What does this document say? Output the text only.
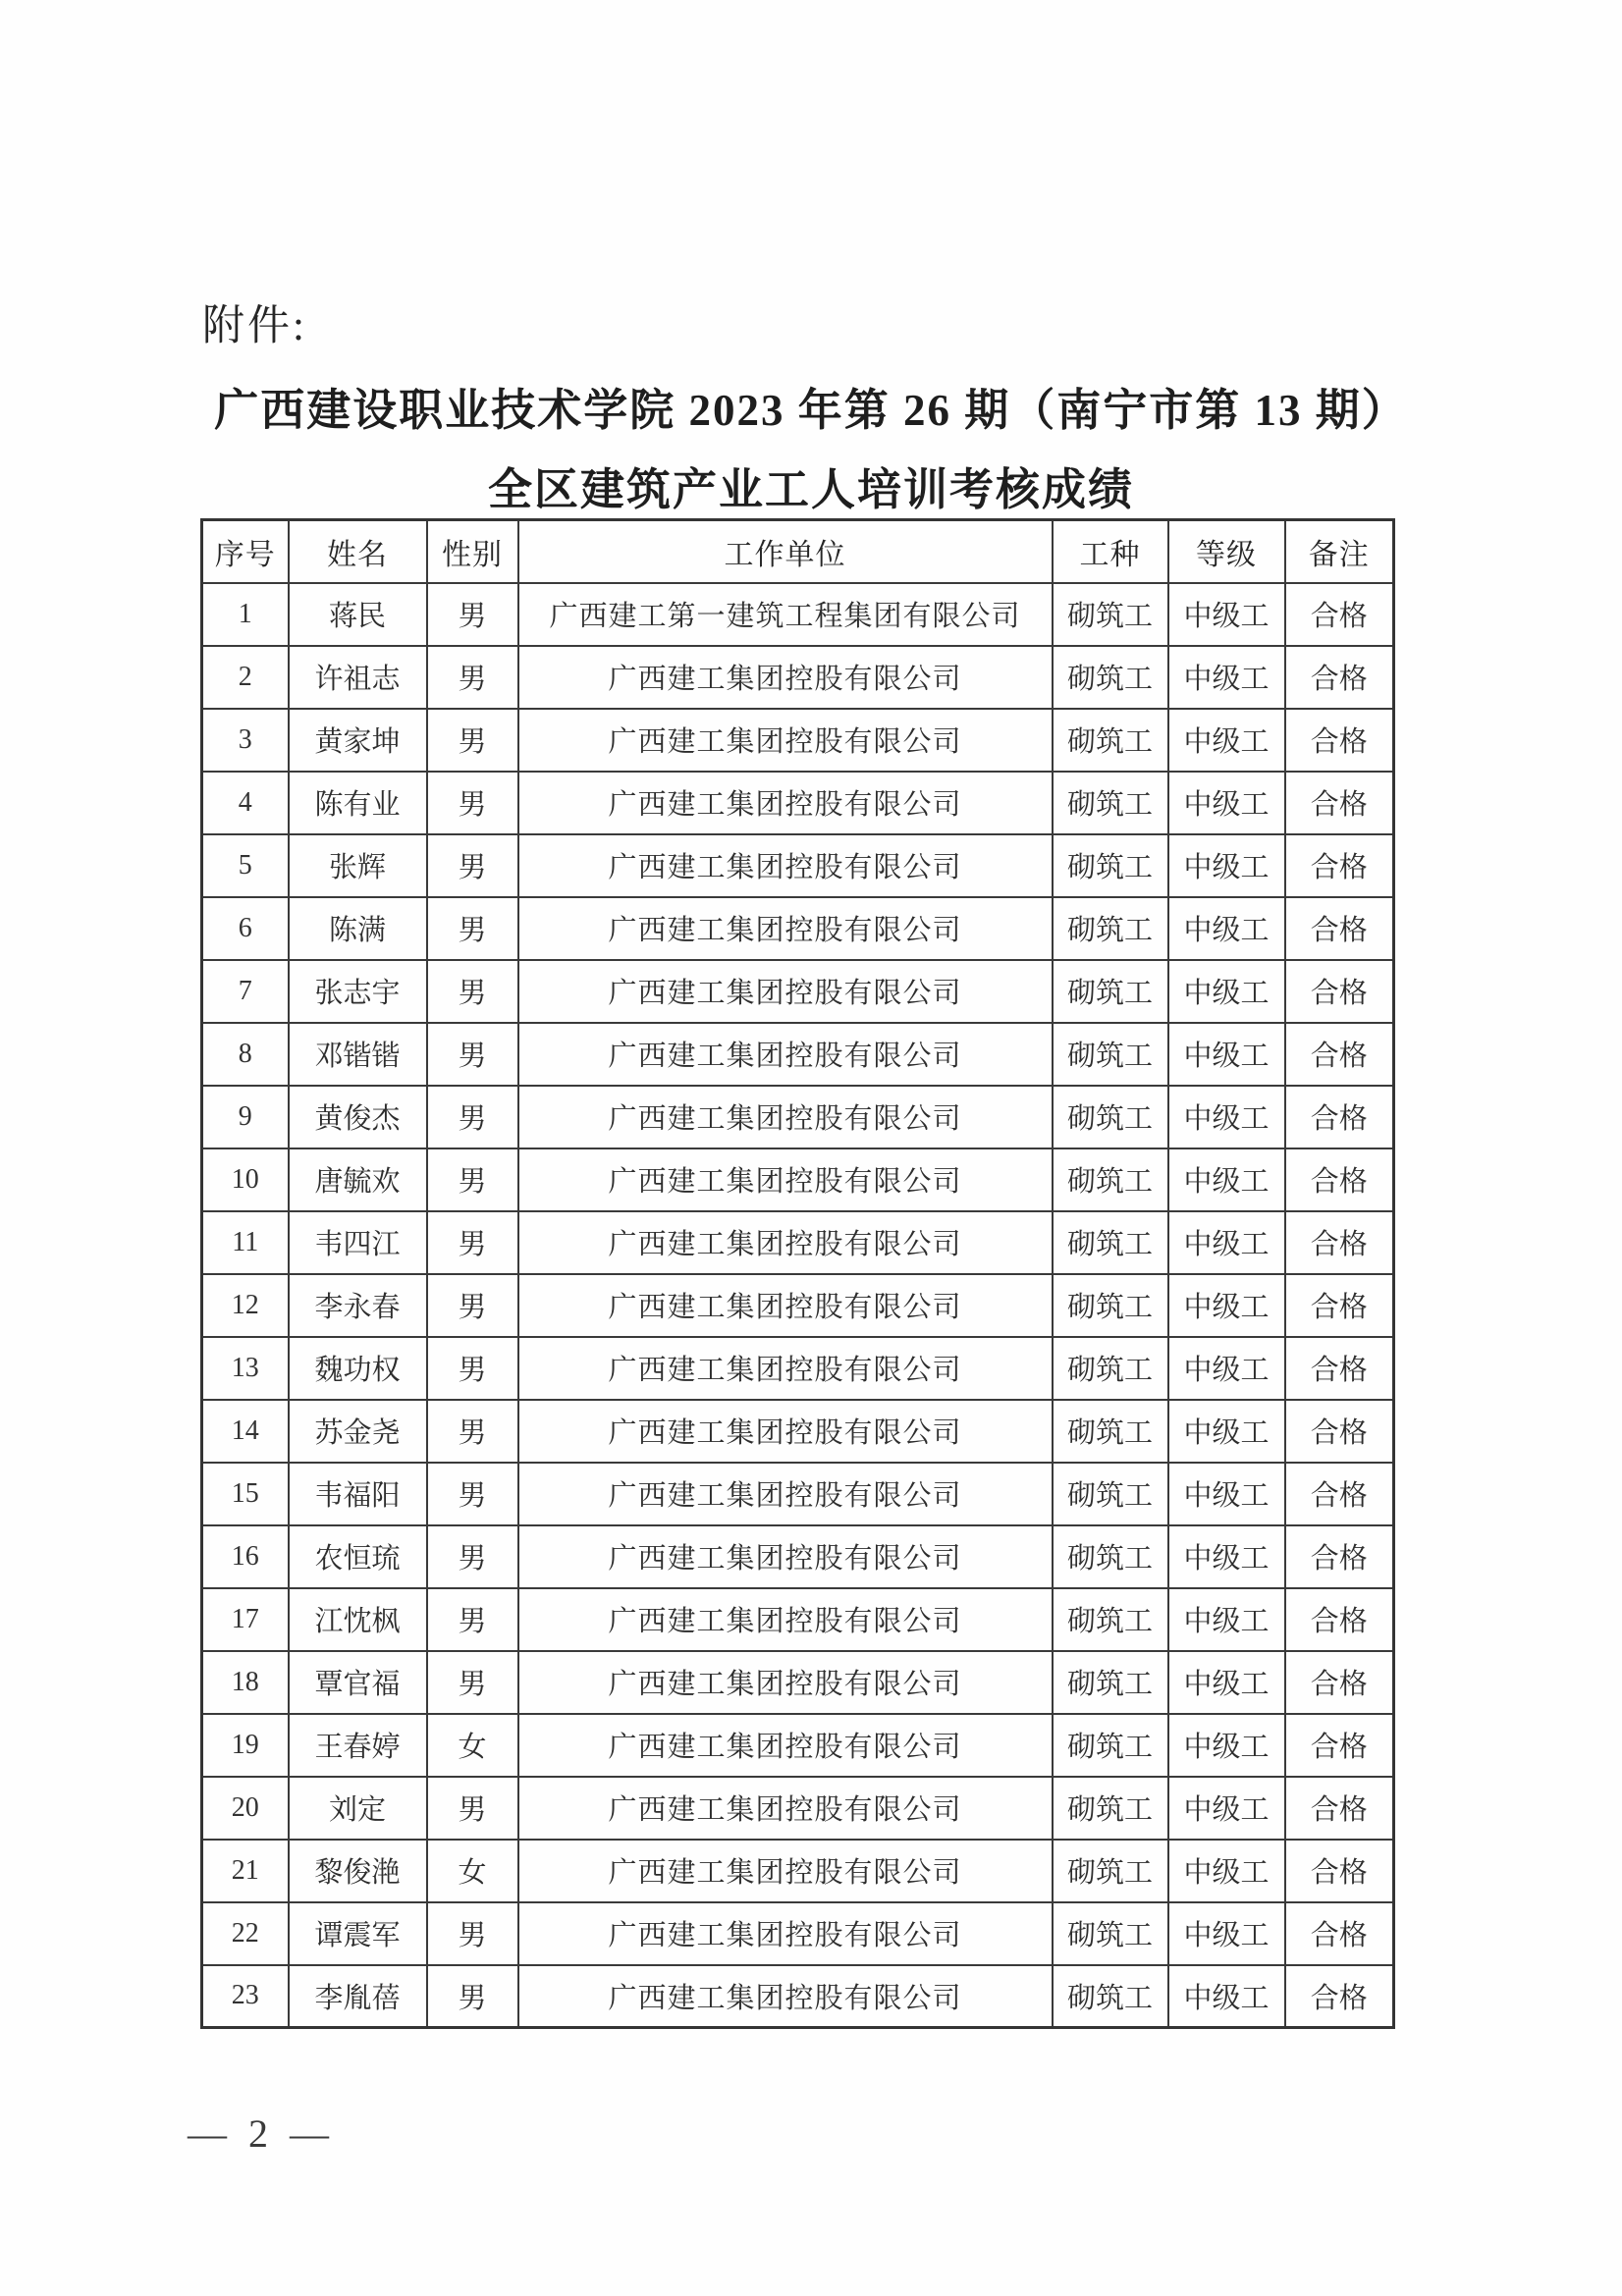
附件:
广西建设职业技术学院 2023 年第 26 期（南宁市第 13 期）
全区建筑产业工人培训考核成绩
序号	姓名	性别	工作单位	工种	等级	备注
1	蒋民	男	广西建工第一建筑工程集团有限公司	砌筑工	中级工	合格
2	许祖志	男	广西建工集团控股有限公司	砌筑工	中级工	合格
3	黄家坤	男	广西建工集团控股有限公司	砌筑工	中级工	合格
4	陈有业	男	广西建工集团控股有限公司	砌筑工	中级工	合格
5	张辉	男	广西建工集团控股有限公司	砌筑工	中级工	合格
6	陈满	男	广西建工集团控股有限公司	砌筑工	中级工	合格
7	张志宇	男	广西建工集团控股有限公司	砌筑工	中级工	合格
8	邓锴锴	男	广西建工集团控股有限公司	砌筑工	中级工	合格
9	黄俊杰	男	广西建工集团控股有限公司	砌筑工	中级工	合格
10	唐毓欢	男	广西建工集团控股有限公司	砌筑工	中级工	合格
11	韦四江	男	广西建工集团控股有限公司	砌筑工	中级工	合格
12	李永春	男	广西建工集团控股有限公司	砌筑工	中级工	合格
13	魏功权	男	广西建工集团控股有限公司	砌筑工	中级工	合格
14	苏金尧	男	广西建工集团控股有限公司	砌筑工	中级工	合格
15	韦福阳	男	广西建工集团控股有限公司	砌筑工	中级工	合格
16	农恒琉	男	广西建工集团控股有限公司	砌筑工	中级工	合格
17	江忱枫	男	广西建工集团控股有限公司	砌筑工	中级工	合格
18	覃官福	男	广西建工集团控股有限公司	砌筑工	中级工	合格
19	王春婷	女	广西建工集团控股有限公司	砌筑工	中级工	合格
20	刘定	男	广西建工集团控股有限公司	砌筑工	中级工	合格
21	黎俊滟	女	广西建工集团控股有限公司	砌筑工	中级工	合格
22	谭震军	男	广西建工集团控股有限公司	砌筑工	中级工	合格
23	李胤蓓	男	广西建工集团控股有限公司	砌筑工	中级工	合格
— 2 —
